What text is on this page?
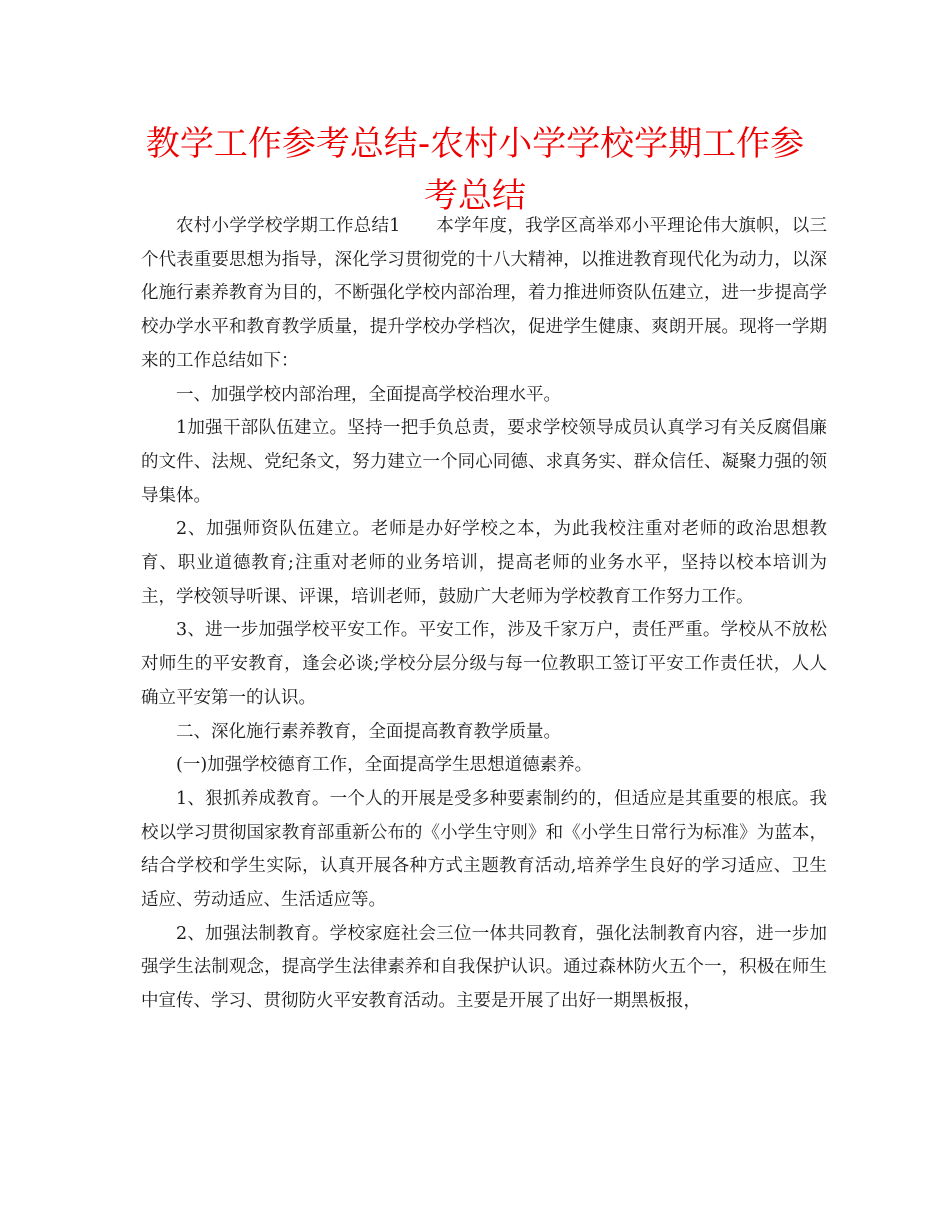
教学工作参考总结-农村小学学校学期工作参考总结

农村小学学校学期工作总结1　　本学年度，我学区高举邓小平理论伟大旗帜，以三个代表重要思想为指导，深化学习贯彻党的十八大精神，以推进教育现代化为动力，以深化施行素养教育为目的，不断强化学校内部治理，着力推进师资队伍建立，进一步提高学校办学水平和教育教学质量，提升学校办学档次，促进学生健康、爽朗开展。现将一学期来的工作总结如下：

一、加强学校内部治理，全面提高学校治理水平。

1加强干部队伍建立。坚持一把手负总责，要求学校领导成员认真学习有关反腐倡廉的文件、法规、党纪条文，努力建立一个同心同德、求真务实、群众信任、凝聚力强的领导集体。

2、加强师资队伍建立。老师是办好学校之本，为此我校注重对老师的政治思想教育、职业道德教育;注重对老师的业务培训，提高老师的业务水平，坚持以校本培训为主，学校领导听课、评课，培训老师，鼓励广大老师为学校教育工作努力工作。

3、进一步加强学校平安工作。平安工作，涉及千家万户，责任严重。学校从不放松对师生的平安教育，逢会必谈;学校分层分级与每一位教职工签订平安工作责任状，人人确立平安第一的认识。

二、深化施行素养教育，全面提高教育教学质量。

(一)加强学校德育工作，全面提高学生思想道德素养。

1、狠抓养成教育。一个人的开展是受多种要素制约的，但适应是其重要的根底。我校以学习贯彻国家教育部重新公布的《小学生守则》和《小学生日常行为标准》为蓝本，结合学校和学生实际，认真开展各种方式主题教育活动,培养学生良好的学习适应、卫生适应、劳动适应、生活适应等。

2、加强法制教育。学校家庭社会三位一体共同教育，强化法制教育内容，进一步加强学生法制观念，提高学生法律素养和自我保护认识。通过森林防火五个一，积极在师生中宣传、学习、贯彻防火平安教育活动。主要是开展了出好一期黑板报，
